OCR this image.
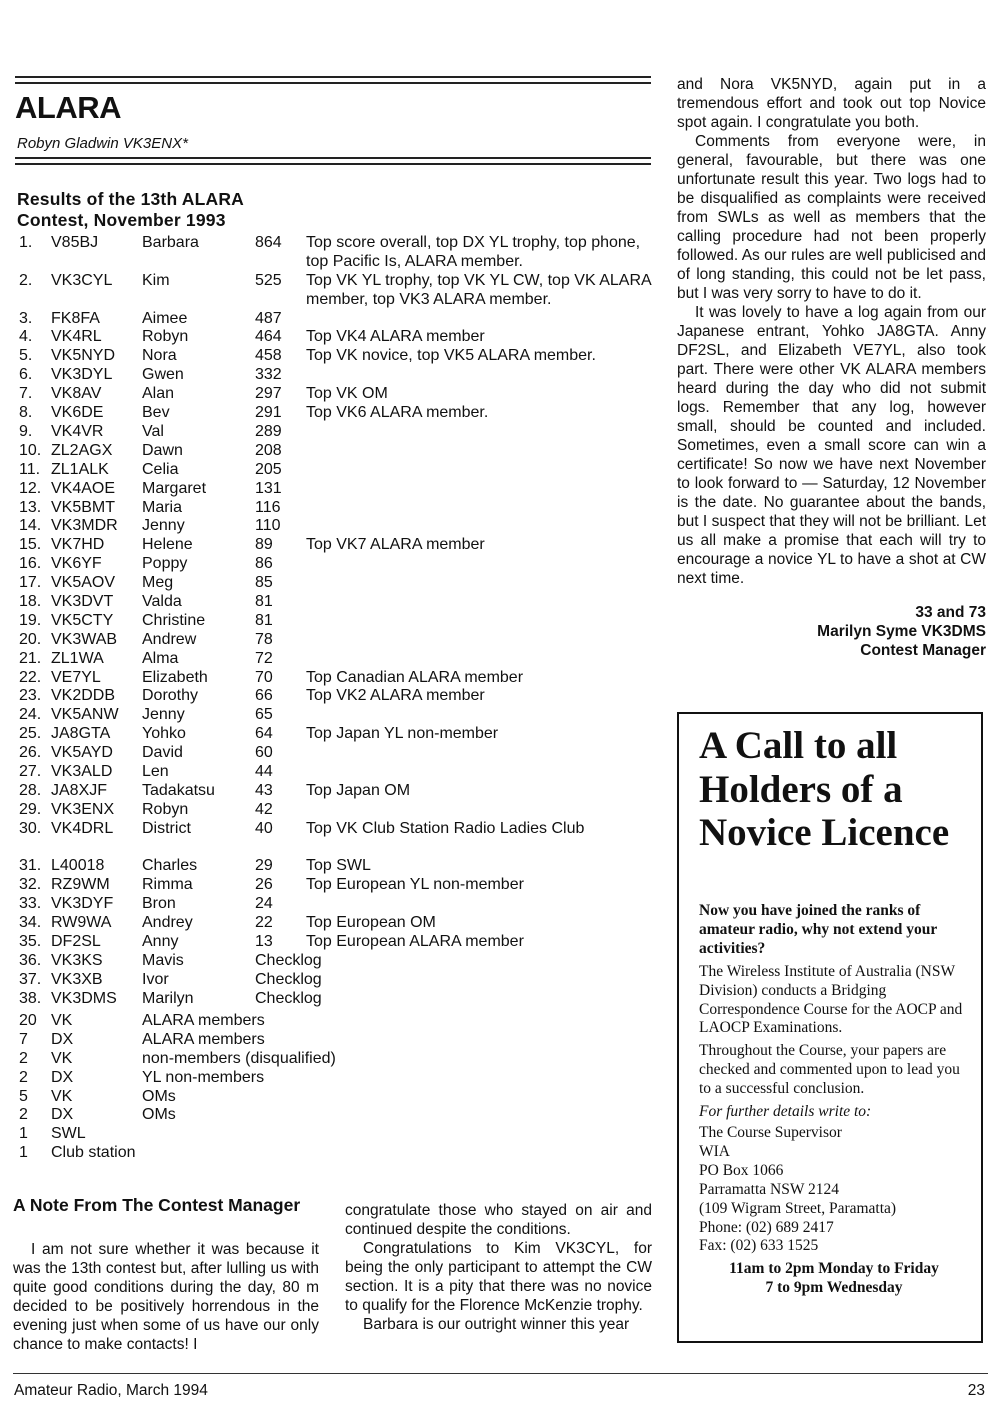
ALARA
Robyn Gladwin VK3ENX*
Results of the 13th ALARA Contest, November 1993
1. V85BJ	Barbara	864 Top score overall, top DX YL trophy, top phone, top Pacific Is, ALARA member.
2. VK3CYL Kim	525 Top VK YL trophy, top VK YL CW, top VK ALARA member, top VK3 ALARA member.
3. FK8FA	Aimee	487
4. VK4RL	Robyn	464 Top VK4 ALARA member
5. VK5NYD Nora	458 Top VK novice, top VK5 ALARA member.
6. VK3DYL Gwen	332
7. VK8AV	Alan	297 Top VK OM
8. VK6DE Bev	291 Top VK6 ALARA member.
9. VK4VR Val	289
10. ZL2AGX Dawn	208
11. ZL1ALK Celia	205
12. VK4AOE Margaret	131
13. VK5BMT Maria	116
14. VK3MDR Jenny	110
15. VK7HD Helene	89 Top VK7 ALARA member
16. VK6YF	Poppy	86
17. VK5AOV Meg	85
18. VK3DVT Valda	81
19. VK5CTY Christine	81
20. VK3WAB Andrew	78
21. ZL1WA Alma	72
22. VE7YL	Elizabeth	70 Top Canadian ALARA member
23. VK2DDB Dorothy	66 Top VK2 ALARA member
24. VK5ANW Jenny	65
25. JA8GTA Yohko	64 Top Japan YL non-member
26. VK5AYD David	60
27. VK3ALD Len	44
28. JA8XJF Tadakatsu	43 Top Japan OM
29. VK3ENX Robyn	42
30. VK4DRL District	40 Top VK Club Station Radio Ladies Club
31. L40018 Charles	29 Top SWL
32. RZ9WM Rimma	26 Top European YL non-member
33. VK3DYF Bron	24
34. RW9WA Andrey	22 Top European OM
35. DF2SL	Anny	13 Top European ALARA member
36. VK3KS Mavis	Checklog
37. VK3XB Ivor	Checklog
38. VK3DMS Marilyn	Checklog
20 VK	ALARA members
7 DX	ALARA members
2 VK	non-members (disqualified)
2 DX	YL non-members
5 VK	OMs
2 DX	OMs
1 SWL
1 Club station
A Note From The Contest Manager

I am not sure whether it was because it was the 13th contest but, after lulling us with quite good conditions during the day, 80 m decided to be positively horrendous in the evening just when some of us have our only chance to make contacts! I

congratulate those who stayed on air and continued despite the conditions.

Congratulations to Kim VK3CYL, for being the only participant to attempt the CW section. It is a pity that there was no novice to qualify for the Florence McKenzie trophy.

Barbara is our outright winner this year

and Nora VK5NYD, again put in a tremendous effort and took out top Novice spot again. I congratulate you both.

Comments from everyone were, in general, favourable, but there was one unfortunate result this year. Two logs had to be disqualified as complaints were received from SWLs as well as members that the calling procedure had not been properly followed. As our rules are well publicised and of long standing, this could not be let pass, but I was very sorry to have to do it.

It was lovely to have a log again from our Japanese entrant, Yohko JA8GTA. Anny DF2SL, and Elizabeth VE7YL, also took part. There were other VK ALARA members heard during the day who did not submit logs. Remember that any log, however small, should be counted and included. Sometimes, even a small score can win a certificate! So now we have next November to look forward to — Saturday, 12 November is the date. No guarantee about the bands, but I suspect that they will not be brilliant. Let us all make a promise that each will try to encourage a novice YL to have a shot at CW next time.

33 and 73
Marilyn Syme VK3DMS
Contest Manager
A Call to all Holders of a Novice Licence

Now you have joined the ranks of amateur radio, why not extend your activities?

The Wireless Institute of Australia (NSW Division) conducts a Bridging Correspondence Course for the AOCP and LAOCP Examinations.

Throughout the Course, your papers are checked and commented upon to lead you to a successful conclusion.

For further details write to:

The Course Supervisor
WIA
PO Box 1066
Parramatta NSW 2124
(109 Wigram Street, Paramatta)
Phone: (02) 689 2417
Fax: (02) 633 1525
11am to 2pm Monday to Friday
7 to 9pm Wednesday
Amateur Radio, March 1994	23
